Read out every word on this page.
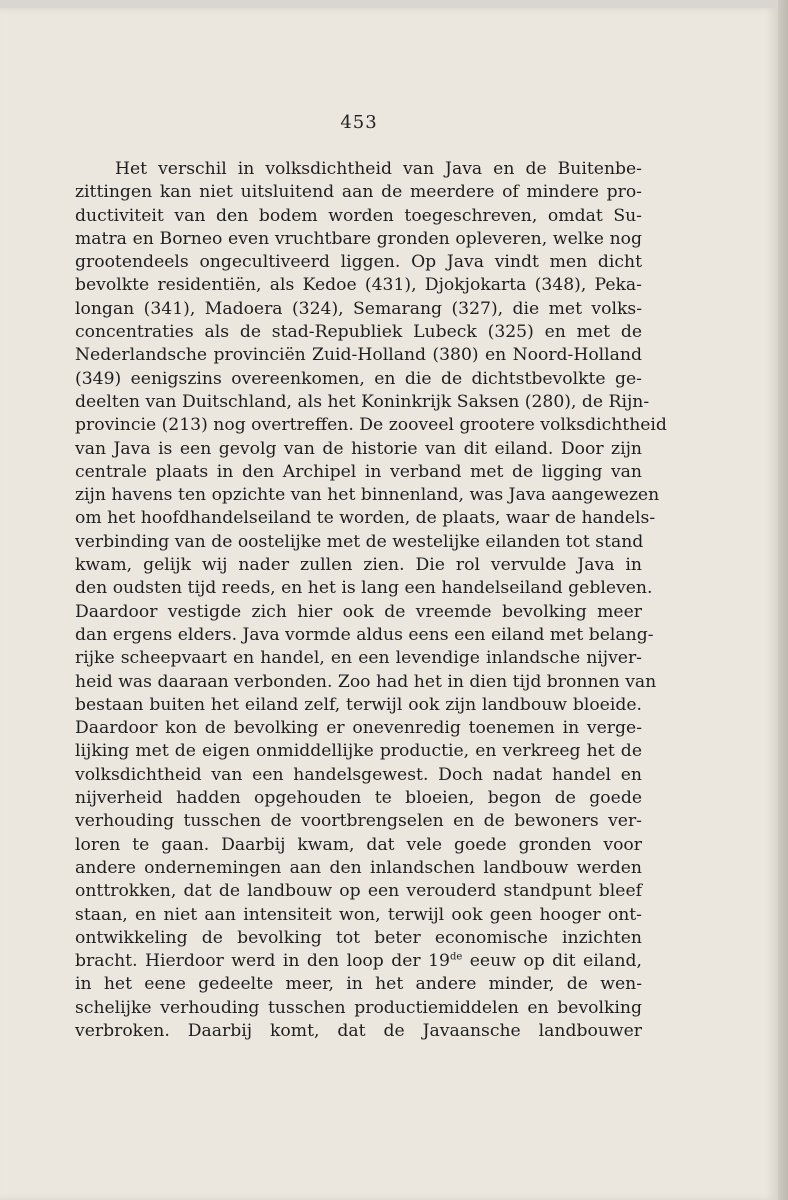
453
Het verschil in volksdichtheid van Java en de Buitenbe-
zittingen kan niet uitsluitend aan de meerdere of mindere pro-
ductiviteit van den bodem worden toegeschreven, omdat Su-
matra en Borneo even vruchtbare gronden opleveren, welke nog
grootendeels ongecultiveerd liggen. Op Java vindt men dicht
bevolkte residentiën, als Kedoe (431), Djokjokarta (348), Peka-
longan (341), Madoera (324), Semarang (327), die met volks-
concentraties als de stad-Republiek Lubeck (325) en met de
Nederlandsche provinciën Zuid-Holland (380) en Noord-Holland
(349) eenigszins overeenkomen, en die de dichtstbevolkte ge-
deelten van Duitschland, als het Koninkrijk Saksen (280), de Rijn-
provincie (213) nog overtreffen. De zooveel grootere volksdichtheid
van Java is een gevolg van de historie van dit eiland. Door zijn
centrale plaats in den Archipel in verband met de ligging van
zijn havens ten opzichte van het binnenland, was Java aangewezen
om het hoofdhandelseiland te worden, de plaats, waar de handels-
verbinding van de oostelijke met de westelijke eilanden tot stand
kwam, gelijk wij nader zullen zien. Die rol vervulde Java in
den oudsten tijd reeds, en het is lang een handelseiland gebleven.
Daardoor vestigde zich hier ook de vreemde bevolking meer
dan ergens elders. Java vormde aldus eens een eiland met belang-
rijke scheepvaart en handel, en een levendige inlandsche nijver-
heid was daaraan verbonden. Zoo had het in dien tijd bronnen van
bestaan buiten het eiland zelf, terwijl ook zijn landbouw bloeide.
Daardoor kon de bevolking er onevenredig toenemen in verge-
lijking met de eigen onmiddellijke productie, en verkreeg het de
volksdichtheid van een handelsgewest. Doch nadat handel en
nijverheid hadden opgehouden te bloeien, begon de goede
verhouding tusschen de voortbrengselen en de bewoners ver-
loren te gaan. Daarbij kwam, dat vele goede gronden voor
andere ondernemingen aan den inlandschen landbouw werden
onttrokken, dat de landbouw op een verouderd standpunt bleef
staan, en niet aan intensiteit won, terwijl ook geen hooger ont-
ontwikkeling de bevolking tot beter economische inzichten
bracht. Hierdoor werd in den loop der 19de eeuw op dit eiland,
in het eene gedeelte meer, in het andere minder, de wen-
schelijke verhouding tusschen productiemiddelen en bevolking
verbroken. Daarbij komt, dat de Javaansche landbouwer
